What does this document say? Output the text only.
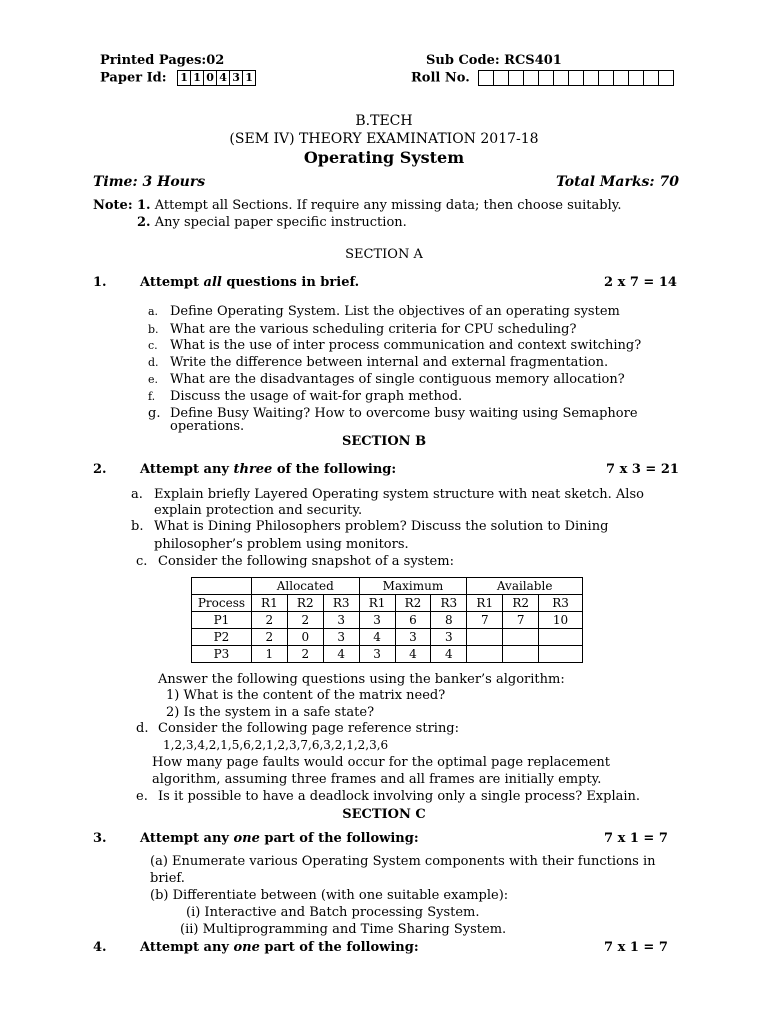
Printed Pages:02	Sub Code: RCS401
Paper Id: 1 1 0 4 3 1	Roll No.
B.TECH
(SEM IV) THEORY EXAMINATION 2017-18
Operating System
Time: 3 Hours	Total Marks: 70
Note: 1. Attempt all Sections. If require any missing data; then choose suitably.
2. Any special paper specific instruction.
SECTION A
1.	Attempt all questions in brief.	2 x 7 = 14
a. Define Operating System. List the objectives of an operating system
b. What are the various scheduling criteria for CPU scheduling?
c. What is the use of inter process communication and context switching?
d. Write the difference between internal and external fragmentation.
e. What are the disadvantages of single contiguous memory allocation?
f. Discuss the usage of wait-for graph method.
g. Define Busy Waiting? How to overcome busy waiting using Semaphore
operations.
SECTION B
2.	Attempt any three of the following:	7 x 3 = 21
a. Explain briefly Layered Operating system structure with neat sketch. Also
explain protection and security.
b. What is Dining Philosophers problem? Discuss the solution to Dining
philosopher’s problem using monitors.
c. Consider the following snapshot of a system:
	Allocated			Maximum			Available		
Process	R1	R2	R3	R1	R2	R3	R1	R2	R3
P1	2	2	3	3	6	8	7	7	10
P2	2	0	3	4	3	3			
P3	1	2	4	3	4	4			
Answer the following questions using the banker’s algorithm:
1) What is the content of the matrix need?
2) Is the system in a safe state?
d. Consider the following page reference string:
1,2,3,4,2,1,5,6,2,1,2,3,7,6,3,2,1,2,3,6
How many page faults would occur for the optimal page replacement
algorithm, assuming three frames and all frames are initially empty.
e. Is it possible to have a deadlock involving only a single process? Explain.
SECTION C
3.	Attempt any one part of the following:	7 x 1 = 7
(a) Enumerate various Operating System components with their functions in
brief.
(b) Differentiate between (with one suitable example):
(i) Interactive and Batch processing System.
(ii) Multiprogramming and Time Sharing System.
4.	Attempt any one part of the following:	7 x 1 = 7
